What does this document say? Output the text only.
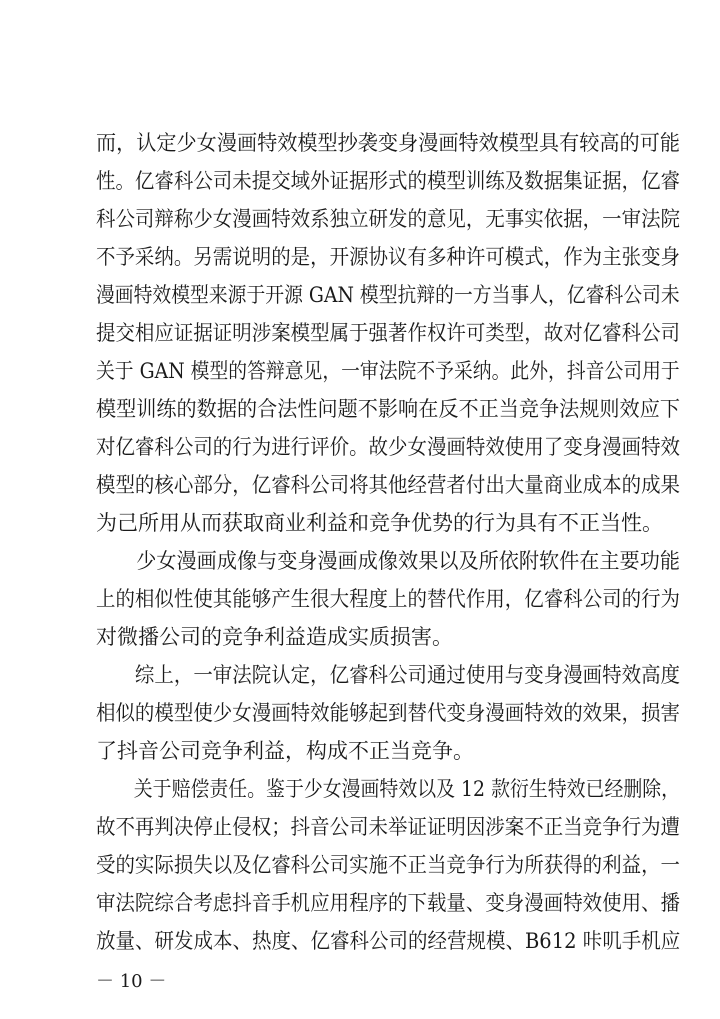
而，认定少女漫画特效模型抄袭变身漫画特效模型具有较高的可能
性。亿睿科公司未提交域外证据形式的模型训练及数据集证据，亿睿
科公司辩称少女漫画特效系独立研发的意见，无事实依据，一审法院
不予采纳。另需说明的是，开源协议有多种许可模式，作为主张变身
漫画特效模型来源于开源 GAN 模型抗辩的一方当事人，亿睿科公司未
提交相应证据证明涉案模型属于强著作权许可类型，故对亿睿科公司
关于 GAN 模型的答辩意见，一审法院不予采纳。此外，抖音公司用于
模型训练的数据的合法性问题不影响在反不正当竞争法规则效应下
对亿睿科公司的行为进行评价。故少女漫画特效使用了变身漫画特效
模型的核心部分，亿睿科公司将其他经营者付出大量商业成本的成果
为己所用从而获取商业利益和竞争优势的行为具有不正当性。
　　少女漫画成像与变身漫画成像效果以及所依附软件在主要功能
上的相似性使其能够产生很大程度上的替代作用，亿睿科公司的行为
对微播公司的竞争利益造成实质损害。
　　综上，一审法院认定，亿睿科公司通过使用与变身漫画特效高度
相似的模型使少女漫画特效能够起到替代变身漫画特效的效果，损害
了抖音公司竞争利益，构成不正当竞争。
　　关于赔偿责任。鉴于少女漫画特效以及 12 款衍生特效已经删除，
故不再判决停止侵权；抖音公司未举证证明因涉案不正当竞争行为遭
受的实际损失以及亿睿科公司实施不正当竞争行为所获得的利益，一
审法院综合考虑抖音手机应用程序的下载量、变身漫画特效使用、播
放量、研发成本、热度、亿睿科公司的经营规模、B612 咔叽手机应
－ 10 －
